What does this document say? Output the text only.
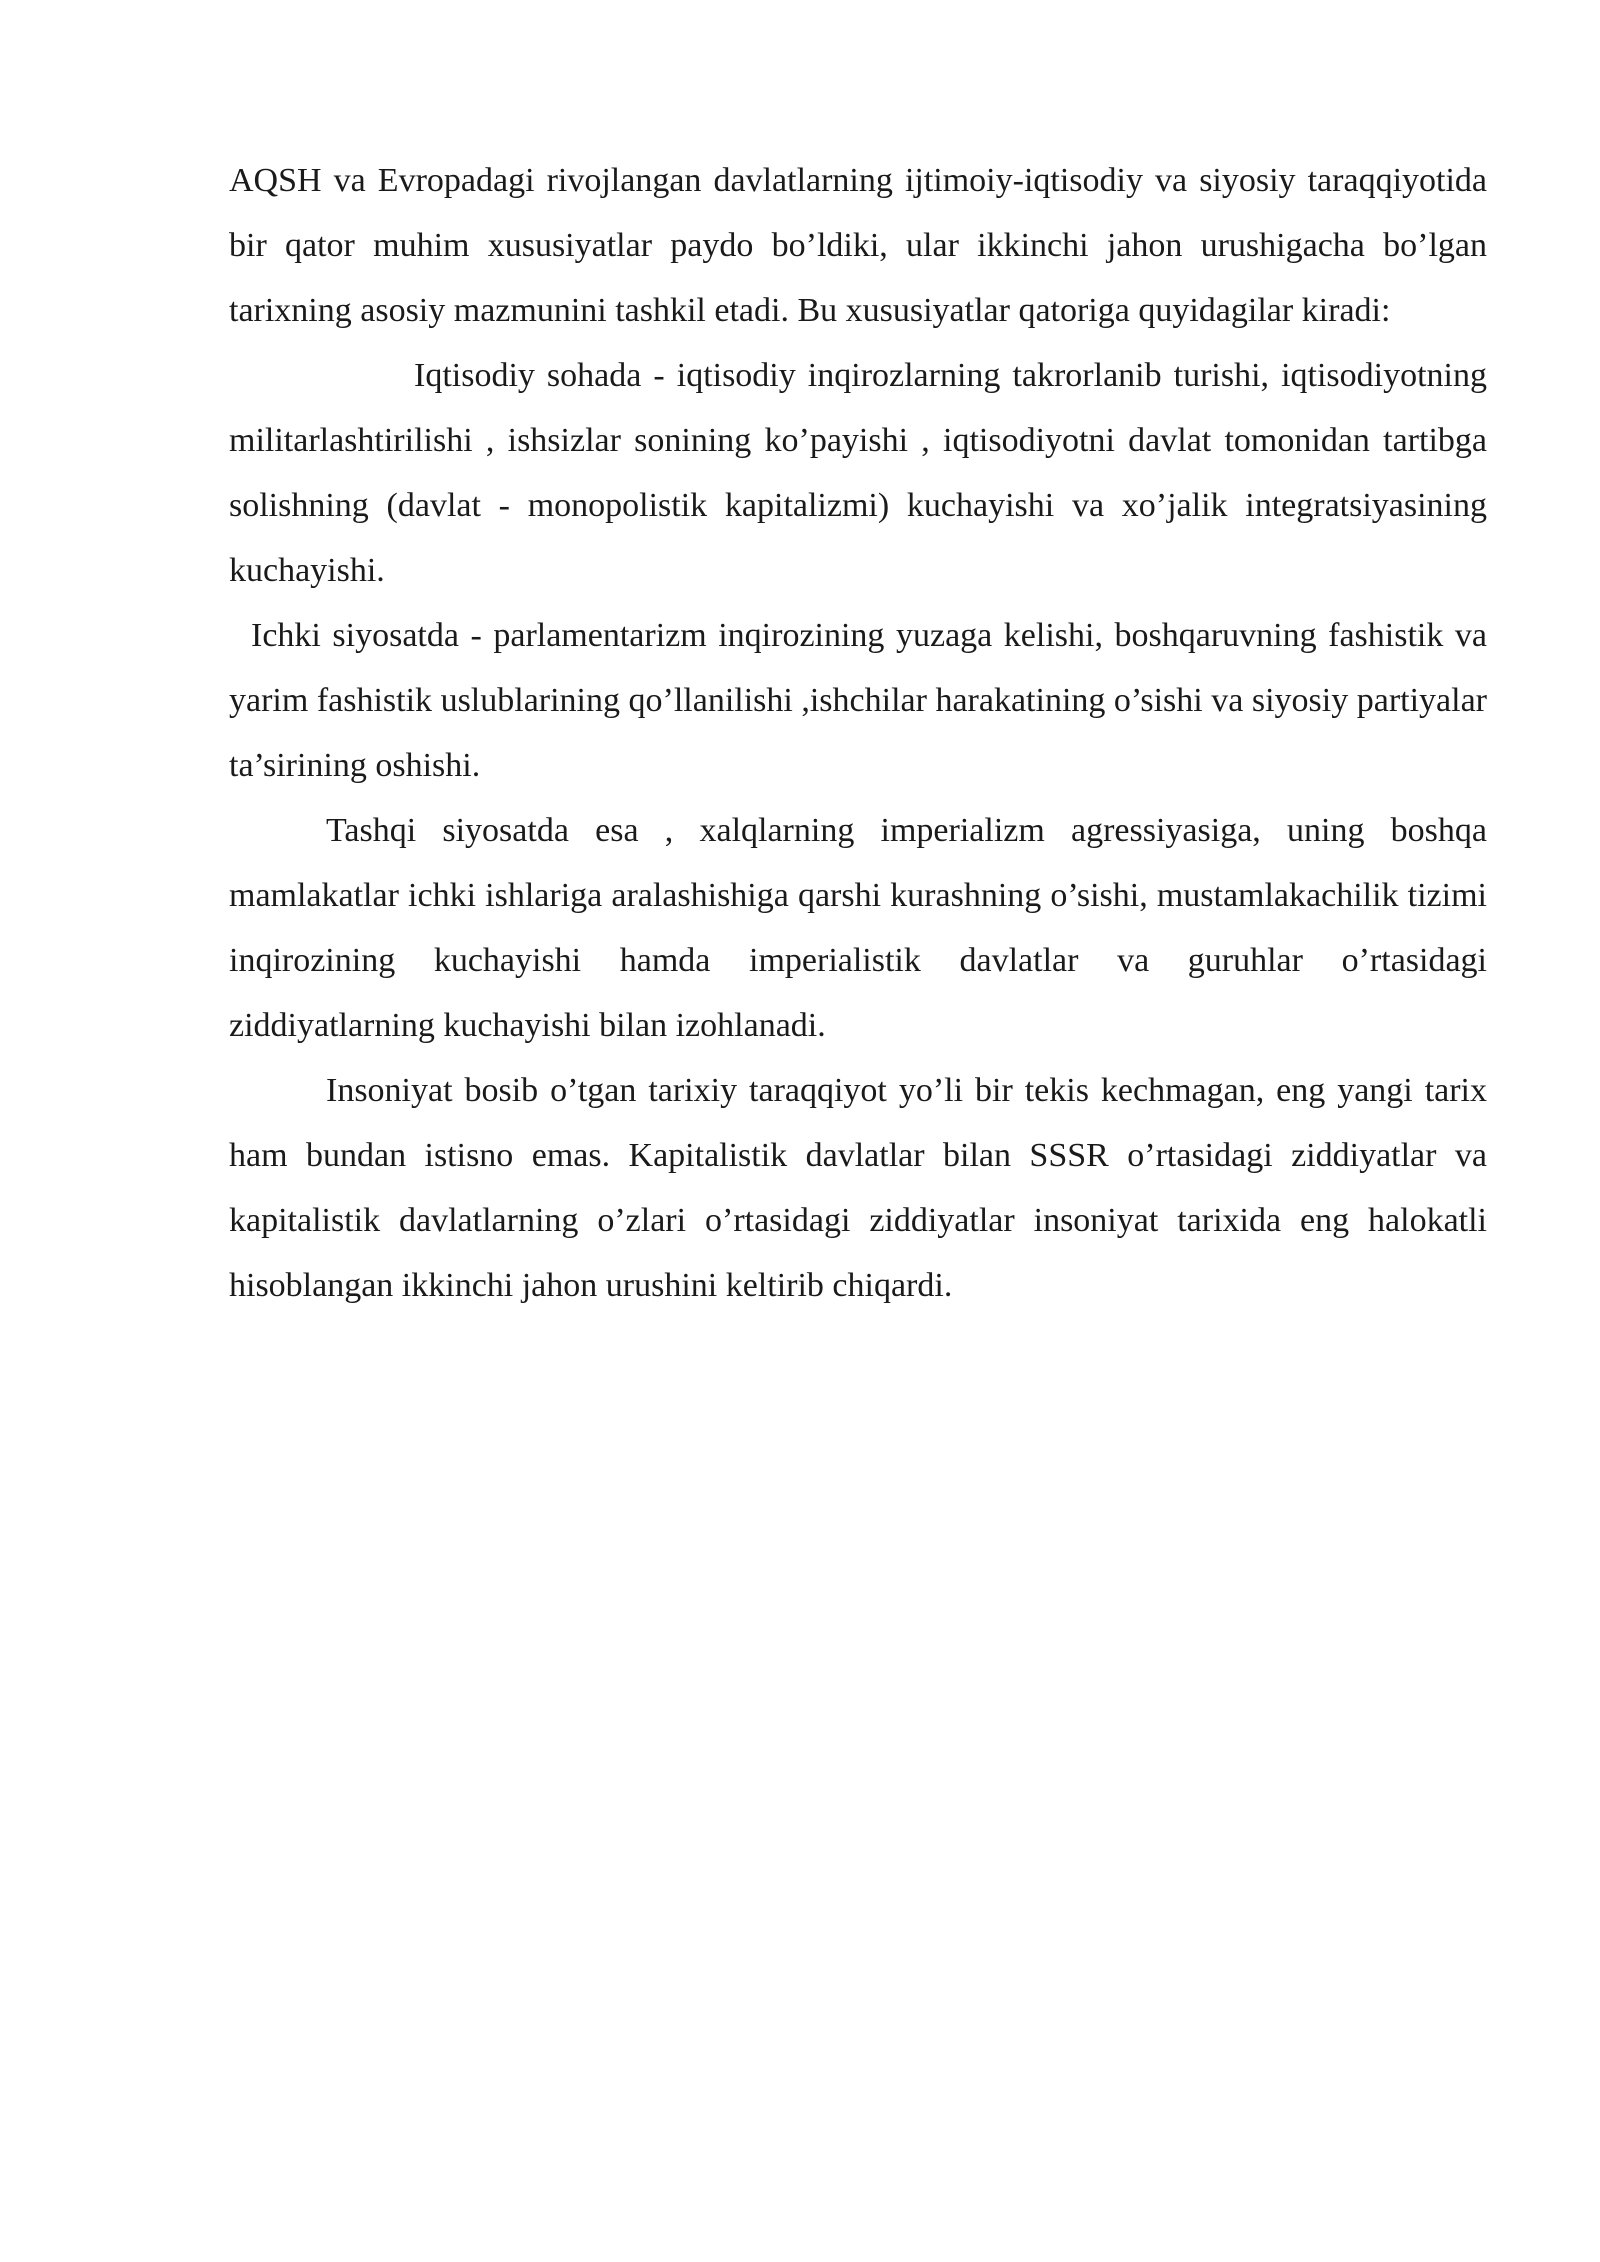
AQSH va Evropadagi rivojlangan davlatlarning ijtimoiy-iqtisodiy va siyosiy taraqqiyotida bir qator muhim xususiyatlar paydo bo’ldiki, ular ikkinchi jahon urushigacha bo’lgan tarixning asosiy mazmunini tashkil etadi. Bu xususiyatlar qatoriga quyidagilar kiradi:

Iqtisodiy sohada - iqtisodiy inqirozlarning takrorlanib turishi, iqtisodiyotning militarlashtirilishi , ishsizlar sonining ko’payishi , iqtisodiyotni davlat tomonidan tartibga solishning (davlat - monopolistik kapitalizmi) kuchayishi va xo’jalik integratsiyasining kuchayishi.

Ichki siyosatda - parlamentarizm inqirozining yuzaga kelishi, boshqaruvning fashistik va yarim fashistik uslublarining qo’llanilishi ,ishchilar harakatining o’sishi va siyosiy partiyalar ta’sirining oshishi.

Tashqi siyosatda esa , xalqlarning imperializm agressiyasiga, uning boshqa mamlakatlar ichki ishlariga aralashishiga qarshi kurashning o’sishi, mustamlakachilik tizimi inqirozining kuchayishi hamda imperialistik davlatlar va guruhlar o’rtasidagi ziddiyatlarning kuchayishi bilan izohlanadi.

Insoniyat bosib o’tgan tarixiy taraqqiyot yo’li bir tekis kechmagan, eng yangi tarix ham bundan istisno emas. Kapitalistik davlatlar bilan SSSR o’rtasidagi ziddiyatlar va kapitalistik davlatlarning o’zlari o’rtasidagi ziddiyatlar insoniyat tarixida eng halokatli hisoblangan ikkinchi jahon urushini keltirib chiqardi.
